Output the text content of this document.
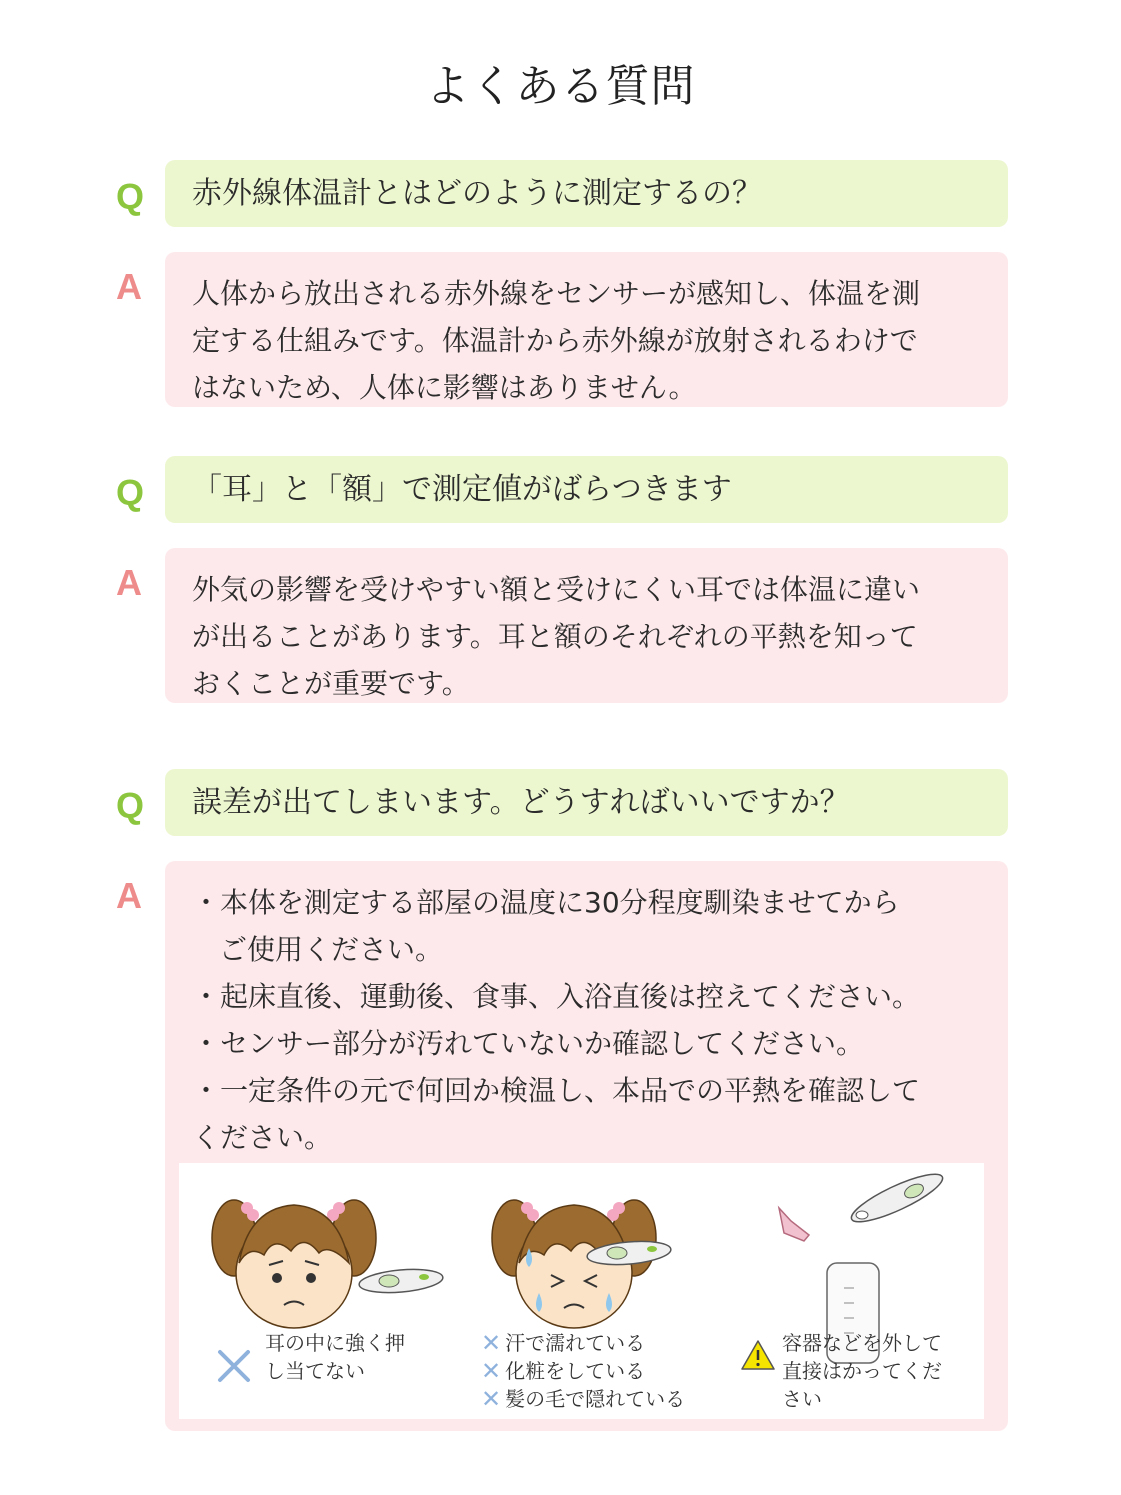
よくある質問
Q	赤外線体温計とはどのように測定するの？
A 人体から放出される赤外線をセンサーが感知し、体温を測
定する仕組みです。体温計から赤外線が放射されるわけで
はないため、人体に影響はありません。
Q	「耳」と「額」で測定値がばらつきます
A 外気の影響を受けやすい額と受けにくい耳では体温に違い
が出ることがあります。耳と額のそれぞれの平熱を知って
おくことが重要です。
Q	誤差が出てしまいます。どうすればいいですか？
A ・本体を測定する部屋の温度に30分程度馴染ませてから
ご使用ください。
・起床直後、運動後、食事、入浴直後は控えてください。
・センサー部分が汚れていないか確認してください。
・一定条件の元で何回か検温し、本品での平熱を確認して
ください。
耳の中に強く押
し当てない
✕ 汗で濡れている
✕ 化粧をしている
✕ 髪の毛で隠れている
容器などを外して
直接はかってくだ
さい
